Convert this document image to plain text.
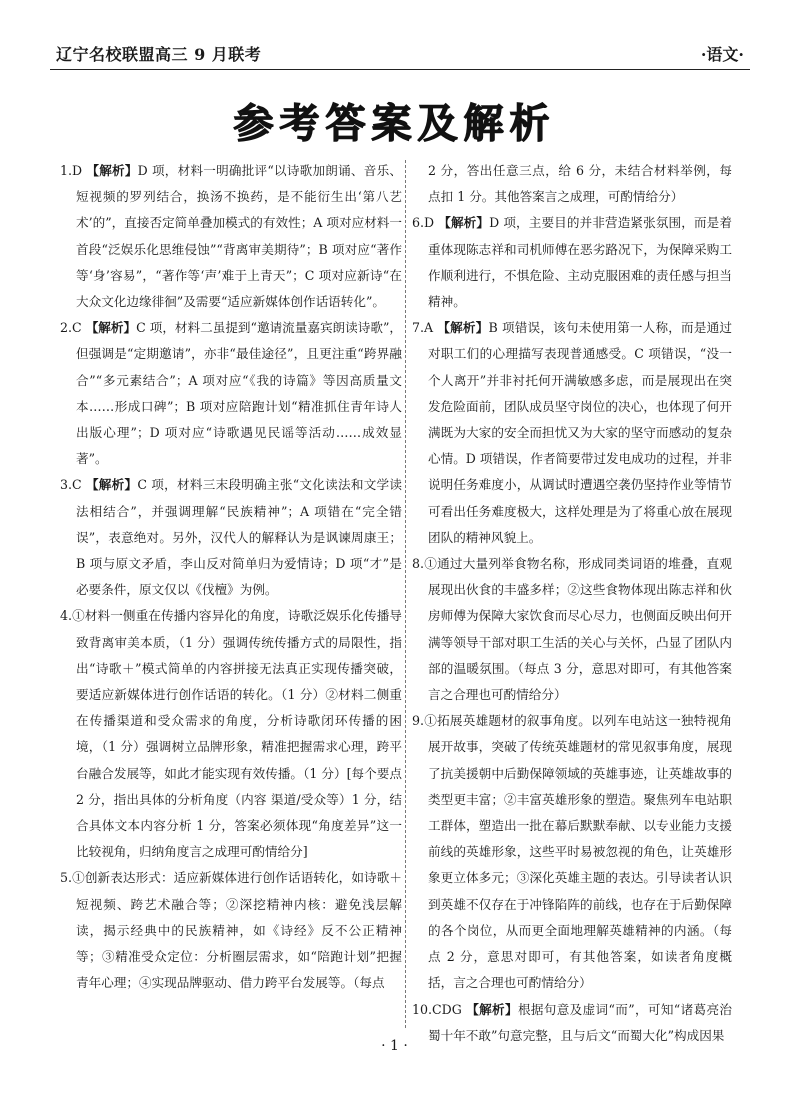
辽宁名校联盟高三 9 月联考	·语文·
参考答案及解析

1.D 【解析】D 项，材料一明确批评“以诗歌加朗诵、音乐、短视频的罗列结合，换汤不换药，是不能衍生出‘第八艺术’的”，直接否定简单叠加模式的有效性；A 项对应材料一首段“泛娱乐化思维侵蚀”“背离审美期待”；B 项对应“著作等‘身’容易”，“著作等‘声’难于上青天”；C 项对应新诗“在大众文化边缘徘徊”及需要“适应新媒体创作话语转化”。

2.C 【解析】C 项，材料二虽提到“邀请流量嘉宾朗读诗歌”，但强调是“定期邀请”，亦非“最佳途径”，且更注重“跨界融合”“多元素结合”；A 项对应“《我的诗篇》等因高质量文本……形成口碑”；B 项对应陪跑计划“精准抓住青年诗人出版心理”；D 项对应“诗歌遇见民谣等活动……成效显著”。

3.C 【解析】C 项，材料三末段明确主张“文化读法和文学读法相结合”，并强调理解“民族精神”；A 项错在“完全错误”，表意绝对。另外，汉代人的解释认为是讽谏周康王；B 项与原文矛盾，李山反对简单归为爱情诗；D 项“才”是必要条件，原文仅以《伐檀》为例。

4.①材料一侧重在传播内容异化的角度，诗歌泛娱乐化传播导致背离审美本质，（1 分）强调传统传播方式的局限性，指出“诗歌＋”模式简单的内容拼接无法真正实现传播突破，要适应新媒体进行创作话语的转化。（1 分）②材料二侧重在传播渠道和受众需求的角度，分析诗歌闭环传播的困境，（1 分）强调树立品牌形象，精准把握需求心理，跨平台融合发展等，如此才能实现有效传播。（1 分）[每个要点 2 分，指出具体的分析角度（内容 渠道/受众等）1 分，结合具体文本内容分析 1 分，答案必须体现“角度差异”这一比较视角，归纳角度言之成理可酌情给分]

5.①创新表达形式：适应新媒体进行创作话语转化，如诗歌＋短视频、跨艺术融合等；②深挖精神内核：避免浅层解读，揭示经典中的民族精神，如《诗经》反不公正精神等；③精准受众定位：分析圈层需求，如“陪跑计划”把握青年心理；④实现品牌驱动、借力跨平台发展等。（每点

2 分，答出任意三点，给 6 分，未结合材料举例，每点扣 1 分。其他答案言之成理，可酌情给分）

6.D 【解析】D 项，主要目的并非营造紧张氛围，而是着重体现陈志祥和司机师傅在恶劣路况下，为保障采购工作顺利进行，不惧危险、主动克服困难的责任感与担当精神。

7.A 【解析】B 项错误，该句未使用第一人称，而是通过对职工们的心理描写表现普通感受。C 项错误，“没一个人离开”并非衬托何开满敏感多虑，而是展现出在突发危险面前，团队成员坚守岗位的决心，也体现了何开满既为大家的安全而担忧又为大家的坚守而感动的复杂心情。D 项错误，作者简要带过发电成功的过程，并非说明任务难度小，从调试时遭遇空袭仍坚持作业等情节可看出任务难度极大，这样处理是为了将重心放在展现团队的精神风貌上。

8.①通过大量列举食物名称，形成同类词语的堆叠，直观展现出伙食的丰盛多样；②这些食物体现出陈志祥和伙房师傅为保障大家饮食而尽心尽力，也侧面反映出何开满等领导干部对职工生活的关心与关怀，凸显了团队内部的温暖氛围。（每点 3 分，意思对即可，有其他答案言之合理也可酌情给分）

9.①拓展英雄题材的叙事角度。以列车电站这一独特视角展开故事，突破了传统英雄题材的常见叙事角度，展现了抗美援朝中后勤保障领域的英雄事迹，让英雄故事的类型更丰富；②丰富英雄形象的塑造。聚焦列车电站职工群体，塑造出一批在幕后默默奉献、以专业能力支援前线的英雄形象，这些平时易被忽视的角色，让英雄形象更立体多元；③深化英雄主题的表达。引导读者认识到英雄不仅存在于冲锋陷阵的前线，也存在于后勤保障的各个岗位，从而更全面地理解英雄精神的内涵。（每点 2 分，意思对即可，有其他答案，如读者角度概括，言之合理也可酌情给分）

10.CDG 【解析】根据句意及虚词“而”，可知“诸葛亮治蜀十年不敢”句意完整，且与后文“而蜀大化”构成因果

· 1 ·
